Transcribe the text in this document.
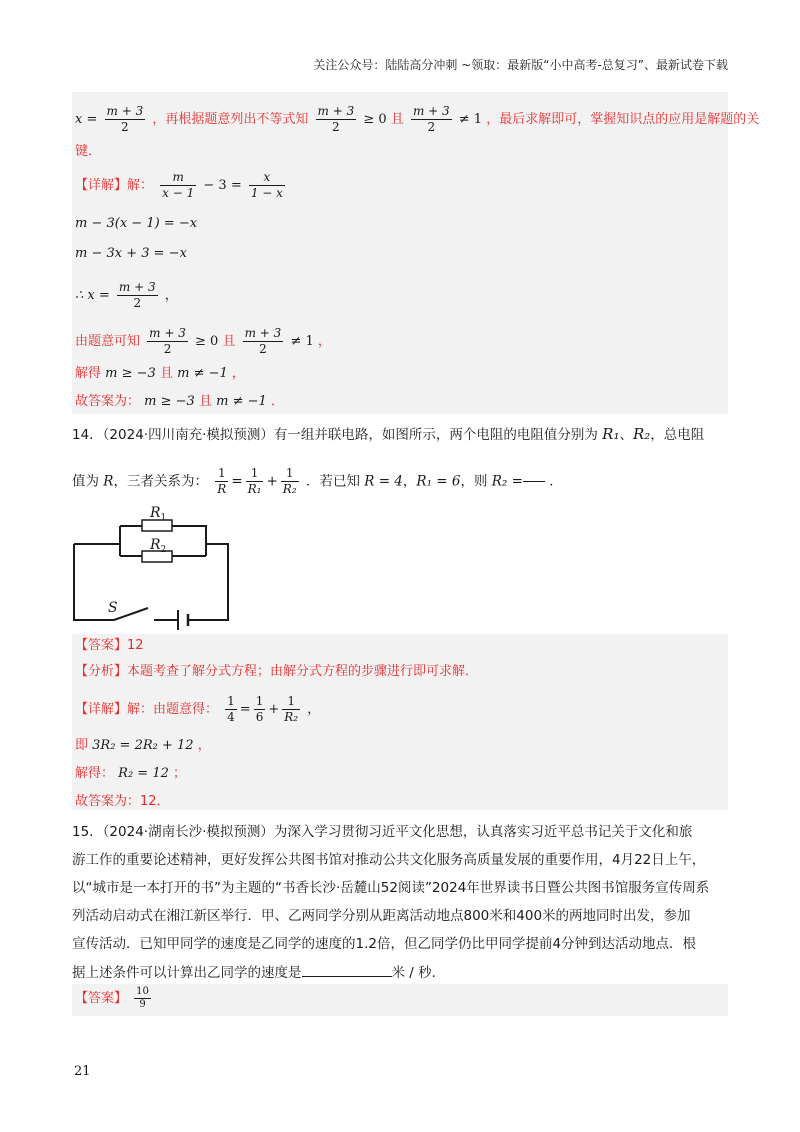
关注公众号：陆陆高分冲刺 ~领取：最新版“小中高考-总复习”、最新试卷下载
$x = \frac{m + 3}{2}$ ，再根据题意列出不等式知 $\frac{m + 3}{2} \ge 0$ 且 $\frac{m + 3}{2} \ne 1$ ，最后求解即可，掌握知识点的应用是解题的关
键．
【详解】解： $\frac{m}{x - 1} - 3 = \frac{x}{1 - x}$
m − 3(x − 1) = −x
m − 3x + 3 = −x
∴ $x = \frac{m + 3}{2}$ ，
由题意可知 $\frac{m + 3}{2} \ge 0$ 且 $\frac{m + 3}{2} \ne 1$ ，
解得 m ≥ −3 且 m ≠ −1 ，
故答案为： m ≥ −3 且 m ≠ −1 ．
14．（2024·四川南充·模拟预测）有一组并联电路，如图所示，两个电阻的电阻值分别为 R₁、R₂，总电阻
值为 R，三者关系为： $\frac{1}{R} = \frac{1}{\text{R₁}} + \frac{1}{\text{R₂}}$ ．若已知 R = 4，R₁ = 6，则 R₂ = ．
$R_1$
$R_2$
S
【答案】12
【分析】本题考查了解分式方程；由解分式方程的步骤进行即可求解．
【详解】解：由题意得： $\frac{1}{4} = \frac{1}{6} + \frac{1}{\text{R₂}}$ ，
即 3R₂ = 2R₂ + 12 ，
解得： R₂ = 12 ；
故答案为：12．
15．（2024·湖南长沙·模拟预测）为深入学习贯彻习近平文化思想，认真落实习近平总书记关于文化和旅
游工作的重要论述精神，更好发挥公共图书馆对推动公共文化服务高质量发展的重要作用，4月22日上午，
以“城市是一本打开的书”为主题的“书香长沙·岳麓山52阅读”2024年世界读书日暨公共图书馆服务宣传周系
列活动启动式在湘江新区举行．甲、乙两同学分别从距离活动地点800米和400米的两地同时出发，参加
宣传活动．已知甲同学的速度是乙同学的速度的1.2倍，但乙同学仍比甲同学提前4分钟到达活动地点．根
据上述条件可以计算出乙同学的速度是	米 / 秒．
【答案】 $\frac{10}{9}$
21
